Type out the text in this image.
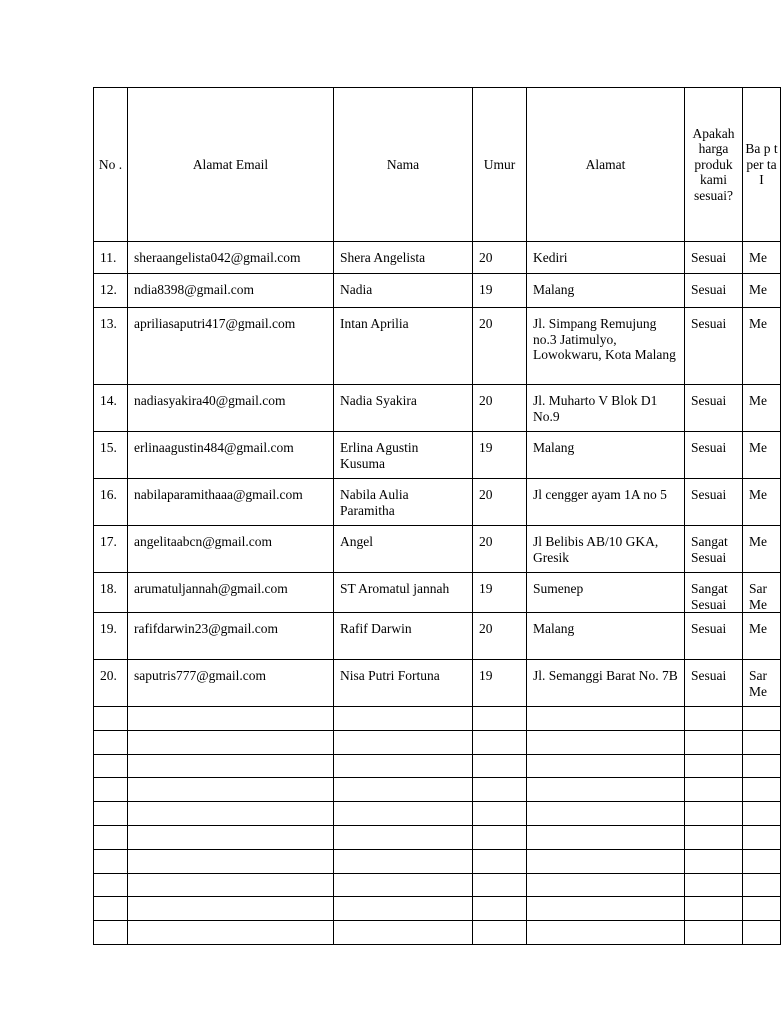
No .	Alamat Email	Nama	Umur	Alamat	Apakah harga produk kami sesuai?	Ba p t per ta I

11.	sheraangelista042@gmail.com	Shera Angelista	20	Kediri	Sesuai	Me

12.	ndia8398@gmail.com	Nadia	19	Malang	Sesuai	Me

13.	apriliasaputri417@gmail.com	Intan Aprilia	20	Jl. Simpang Remujung no.3 Jatimulyo, Lowokwaru, Kota Malang	Sesuai	Me

14.	nadiasyakira40@gmail.com	Nadia Syakira	20	Jl. Muharto V Blok D1 No.9	Sesuai	Me

15.	erlinaagustin484@gmail.com	Erlina Agustin Kusuma	19	Malang	Sesuai	Me

16.	nabilaparamithaaa@gmail.com	Nabila Aulia Paramitha	20	Jl cengger ayam 1A no 5	Sesuai	Me

17.	angelitaabcn@gmail.com	Angel	20	Jl Belibis AB/10 GKA, Gresik	Sangat Sesuai	Me

18.	arumatuljannah@gmail.com	ST Aromatul jannah	19	Sumenep	Sangat Sesuai	Sar Me

19.	rafifdarwin23@gmail.com	Rafif Darwin	20	Malang	Sesuai	Me

20.	saputris777@gmail.com	Nisa Putri Fortuna	19	Jl. Semanggi Barat No. 7B	Sesuai	Sar Me
